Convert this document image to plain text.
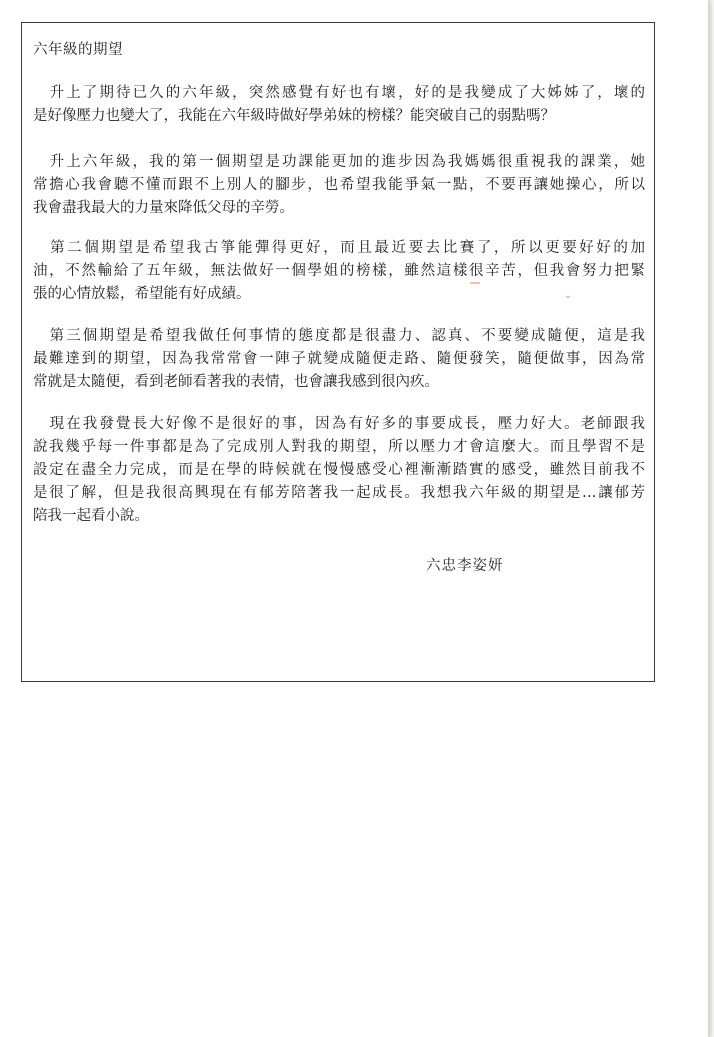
六年級的期望
　升上了期待已久的六年級，突然感覺有好也有壞，好的是我變成了大姊姊了，壞的
是好像壓力也變大了，我能在六年級時做好學弟妹的榜樣？能突破自己的弱點嗎？
　升上六年級，我的第一個期望是功課能更加的進步因為我媽媽很重視我的課業，她
常擔心我會聽不懂而跟不上別人的腳步，也希望我能爭氣一點，不要再讓她操心，所以
我會盡我最大的力量來降低父母的辛勞。
　第二個期望是希望我古箏能彈得更好，而且最近要去比賽了，所以更要好好的加
油，不然輸給了五年級，無法做好一個學姐的榜樣，雖然這樣很辛苦，但我會努力把緊
張的心情放鬆，希望能有好成績。
　第三個期望是希望我做任何事情的態度都是很盡力、認真、不要變成隨便，這是我
最難達到的期望，因為我常常會一陣子就變成隨便走路、隨便發笑，隨便做事，因為常
常就是太隨便，看到老師看著我的表情，也會讓我感到很內疚。
　現在我發覺長大好像不是很好的事，因為有好多的事要成長，壓力好大。老師跟我
說我幾乎每一件事都是為了完成別人對我的期望，所以壓力才會這麼大。而且學習不是
設定在盡全力完成，而是在學的時候就在慢慢感受心裡漸漸踏實的感受，雖然目前我不
是很了解，但是我很高興現在有郁芳陪著我一起成長。我想我六年級的期望是…讓郁芳
陪我一起看小說。
六忠李姿妍
